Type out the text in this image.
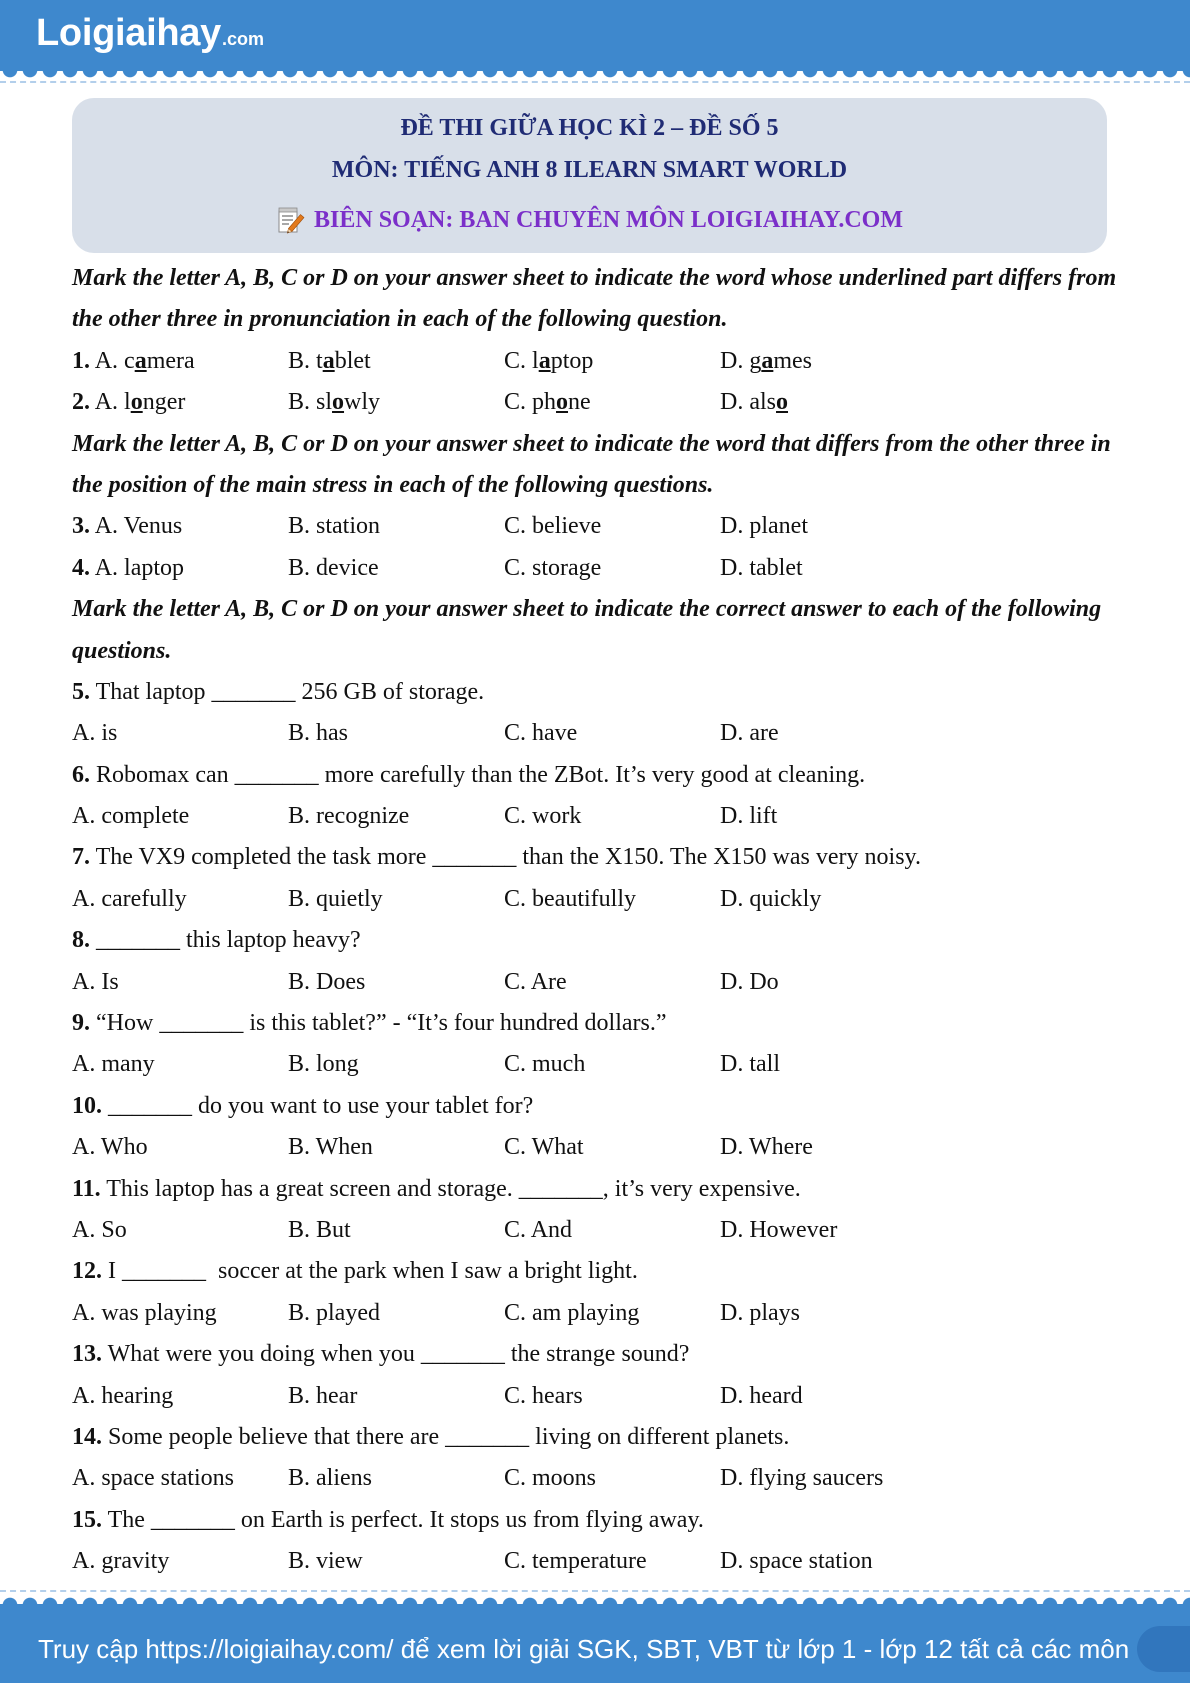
Loigiaihay.com
ĐỀ THI GIỮA HỌC KÌ 2 – ĐỀ SỐ 5
MÔN: TIẾNG ANH 8 ILEARN SMART WORLD
BIÊN SOẠN: BAN CHUYÊN MÔN LOIGIAIHAY.COM
Mark the letter A, B, C or D on your answer sheet to indicate the word whose underlined part differs from
the other three in pronunciation in each of the following question.
1. A. camera	B. tablet	C. laptop	D. games
2. A. longer	B. slowly	C. phone	D. also
Mark the letter A, B, C or D on your answer sheet to indicate the word that differs from the other three in
the position of the main stress in each of the following questions.
3. A. Venus	B. station	C. believe	D. planet
4. A. laptop	B. device	C. storage	D. tablet
Mark the letter A, B, C or D on your answer sheet to indicate the correct answer to each of the following
questions.
5. That laptop _______ 256 GB of storage.
A. is	B. has	C. have	D. are
6. Robomax can _______ more carefully than the ZBot. It’s very good at cleaning.
A. complete	B. recognize	C. work	D. lift
7. The VX9 completed the task more _______ than the X150. The X150 was very noisy.
A. carefully	B. quietly	C. beautifully	D. quickly
8. _______ this laptop heavy?
A. Is	B. Does	C. Are	D. Do
9. “How _______ is this tablet?” - “It’s four hundred dollars.”
A. many	B. long	C. much	D. tall
10. _______ do you want to use your tablet for?
A. Who	B. When	C. What	D. Where
11. This laptop has a great screen and storage. _______, it’s very expensive.
A. So	B. But	C. And	D. However
12. I _______  soccer at the park when I saw a bright light.
A. was playing	B. played	C. am playing	D. plays
13. What were you doing when you _______ the strange sound?
A. hearing	B. hear	C. hears	D. heard
14. Some people believe that there are _______ living on different planets.
A. space stations	B. aliens	C. moons	D. flying saucers
15. The _______ on Earth is perfect. It stops us from flying away.
A. gravity	B. view	C. temperature	D. space station
Truy cập https://loigiaihay.com/ để xem lời giải SGK, SBT, VBT từ lớp 1 - lớp 12 tất cả các môn
